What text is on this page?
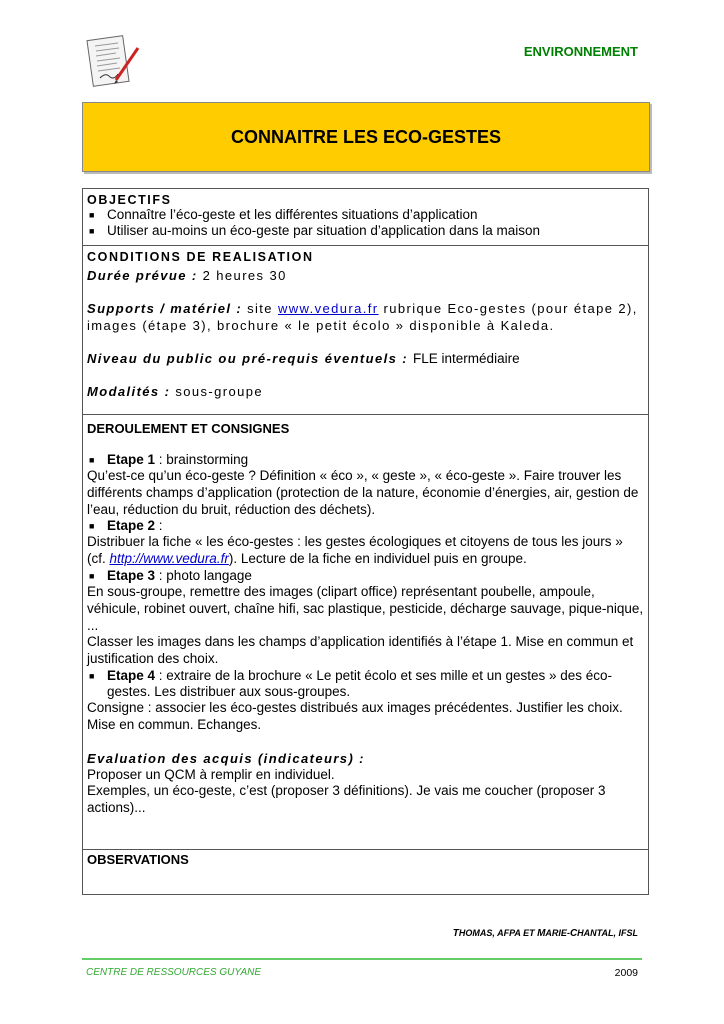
ENVIRONNEMENT
CONNAITRE LES ECO-GESTES
OBJECTIFS
■ Connaître l’éco-geste et les différentes situations d’application
■ Utiliser au-moins un éco-geste par situation d’application dans la maison
CONDITIONS DE REALISATION
Durée prévue : 2 heures 30
Supports / matériel : site www.vedura.fr rubrique Eco-gestes (pour étape 2), images (étape 3), brochure « le petit écolo » disponible à Kaleda.
Niveau du public ou pré-requis éventuels : FLE intermédiaire
Modalités : sous-groupe
DEROULEMENT ET CONSIGNES
■ Etape 1 : brainstorming
Qu’est-ce qu’un éco-geste ? Définition « éco », « geste », « éco-geste ». Faire trouver les différents champs d’application (protection de la nature, économie d’énergies, air, gestion de l’eau, réduction du bruit, réduction des déchets).
■ Etape 2 :
Distribuer la fiche « les éco-gestes : les gestes écologiques et citoyens de tous les jours » (cf. http://www.vedura.fr). Lecture de la fiche en individuel puis en groupe.
■ Etape 3 : photo langage
En sous-groupe, remettre des images (clipart office) représentant poubelle, ampoule, véhicule, robinet ouvert, chaîne hifi, sac plastique, pesticide, décharge sauvage, pique-nique, ...
Classer les images dans les champs d’application identifiés à l’étape 1. Mise en commun et justification des choix.
■ Etape 4 : extraire de la brochure « Le petit écolo et ses mille et un gestes » des éco-gestes. Les distribuer aux sous-groupes.
Consigne : associer les éco-gestes distribués aux images précédentes. Justifier les choix. Mise en commun. Echanges.
Evaluation des acquis (indicateurs) :
Proposer un QCM à remplir en individuel.
Exemples, un éco-geste, c’est (proposer 3 définitions). Je vais me coucher (proposer 3 actions)...
OBSERVATIONS
THOMAS, AFPA ET MARIE-CHANTAL, IFSL
CENTRE DE RESSOURCES GUYANE	2009
